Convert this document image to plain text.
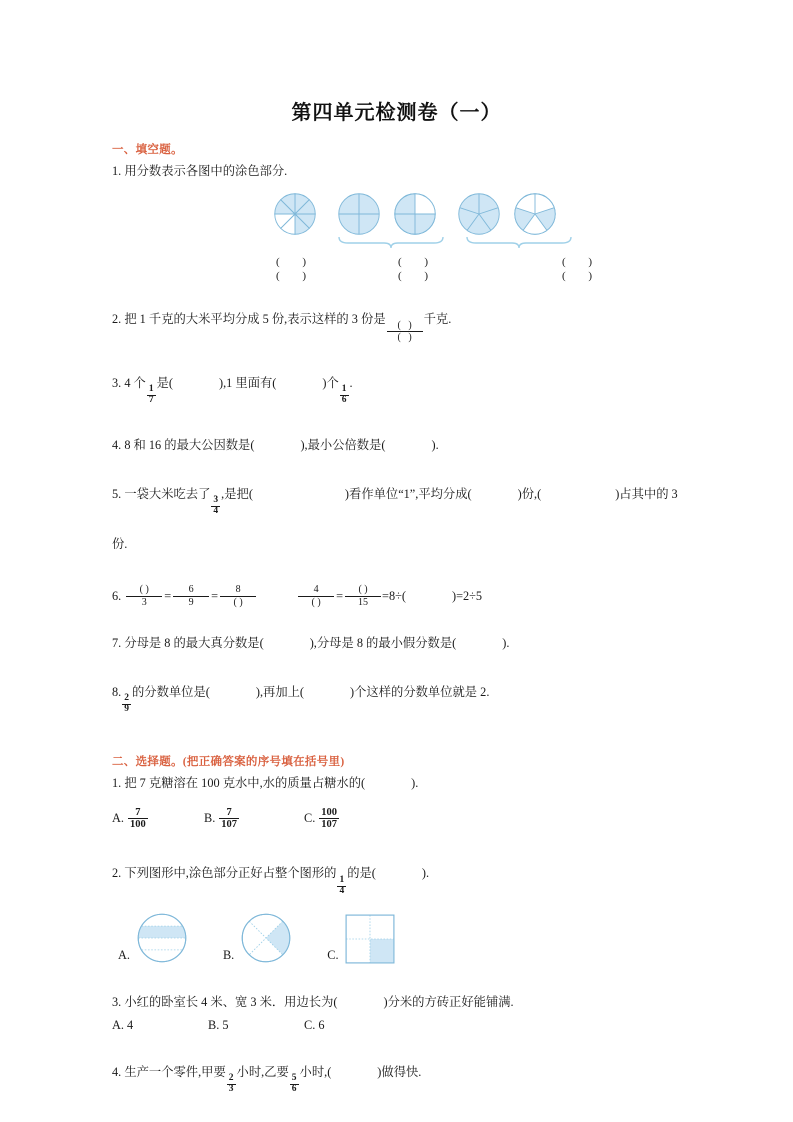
第四单元检测卷（一）
一、填空题。
1. 用分数表示各图中的涂色部分.
( )
( )
( )
( )
( )
( )
2. 把 1 千克的大米平均分成 5 份,表示这样的 3 份是
$\frac{( )}{( )}$
千克.
3. 4 个
$\frac{1}{7}$
是(	),1 里面有(	)个
$\frac{1}{6}$
.
4. 8 和 16 的最大公因数是(	),最小公倍数是(	).
5. 一袋大米吃去了
$\frac{3}{4}$
,是把(	)看作单位“1”,平均分成(	)份,(	)占其中的 3
份.
6. $\frac{( )}{3} = \frac{6}{9} = \frac{8}{( )}$	$\frac{4}{( )} = \frac{( )}{15} =8\div$(	)=2÷5
7. 分母是 8 的最大真分数是(	),分母是 8 的最小假分数是(	).
8.
$\frac{2}{9}$
的分数单位是(	),再加上(	)个这样的分数单位就是 2.
二、选择题。(把正确答案的序号填在括号里)
1. 把 7 克糖溶在 100 克水中,水的质量占糖水的(	).
A. $\frac{7}{100}$	B. $\frac{7}{107}$	C. $\frac{100}{107}$
2. 下列图形中,涂色部分正好占整个图形的
$\frac{1}{4}$
的是(	).
A.	B.	C.
3. 小红的卧室长 4 米、宽 3 米．用边长为(	)分米的方砖正好能铺满.
A. 4	B. 5	C. 6
4. 生产一个零件,甲要
$\frac{2}{3}$
小时,乙要
$\frac{5}{6}$
小时,(	)做得快.
